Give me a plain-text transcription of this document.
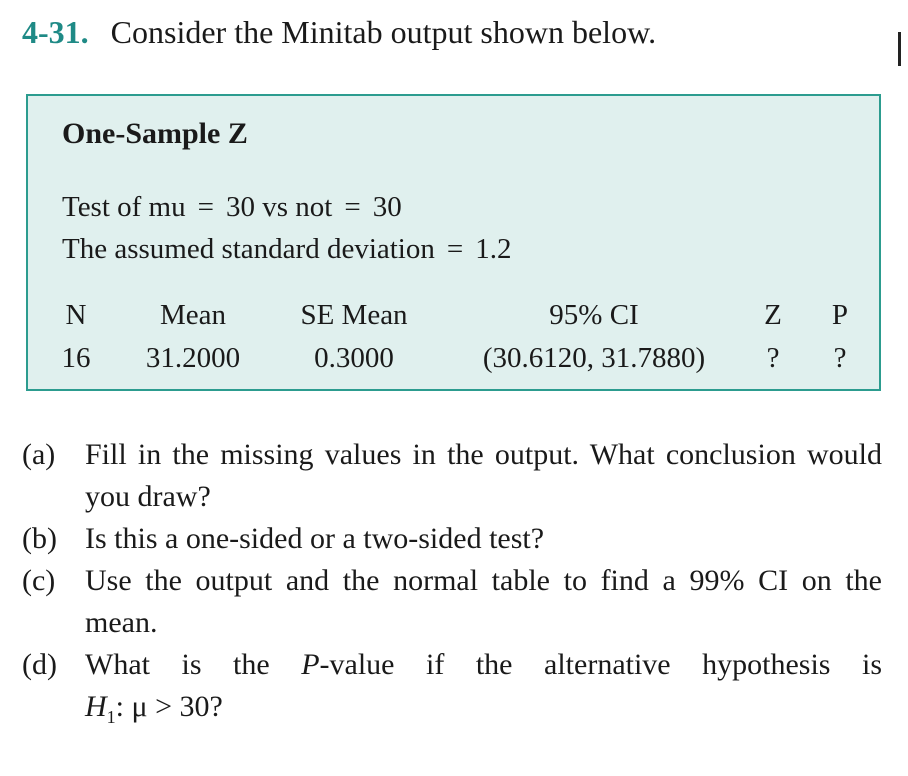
4-31. Consider the Minitab output shown below.
One-Sample Z
Test of mu = 30 vs not = 30
The assumed standard deviation = 1.2
N	Mean	SE Mean	95% CI	Z P
16 31.2000	0.3000	(30.6120, 31.7880) ? ?
(a) Fill in the missing values in the output. What conclusion would you draw?
(b) Is this a one-sided or a two-sided test?
(c) Use the output and the normal table to find a 99% CI on the mean.
(d) What is the P-value if the alternative hypothesis is
$H_1$: μ > 30?
